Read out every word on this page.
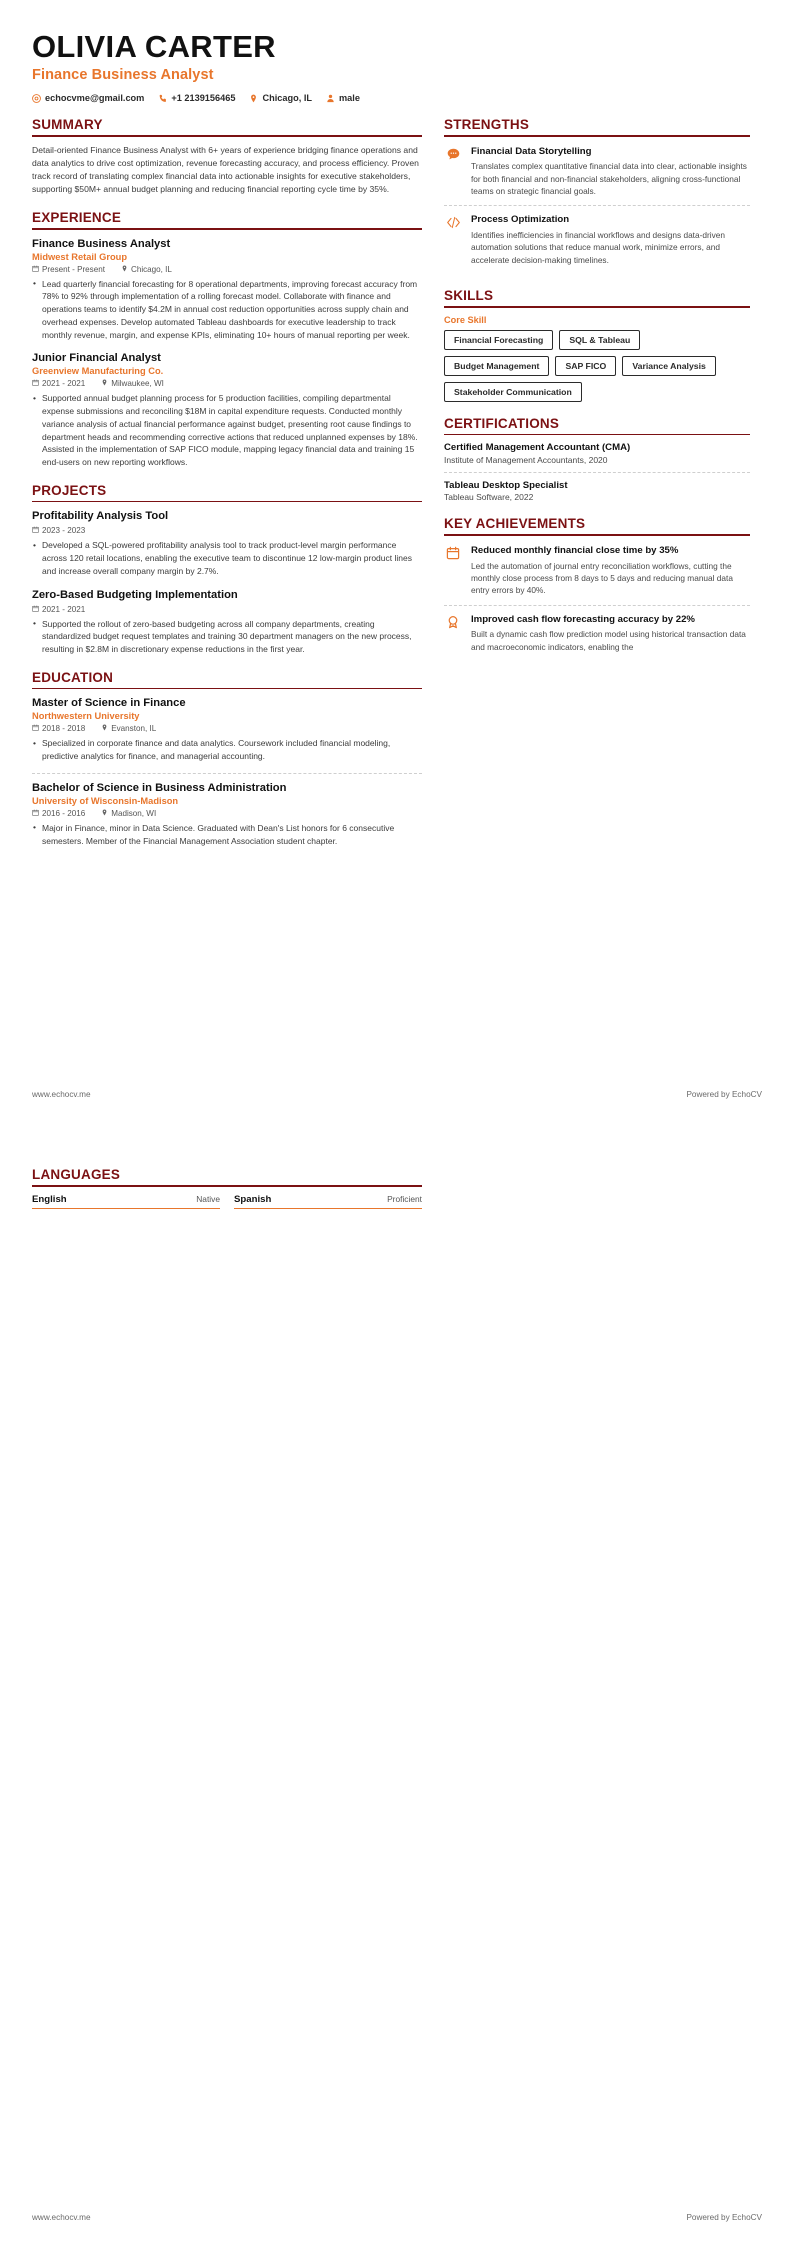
OLIVIA CARTER
Finance Business Analyst
echocvme@gmail.com	+1 2139156465	Chicago, IL	male
SUMMARY
Detail-oriented Finance Business Analyst with 6+ years of experience bridging finance operations and data analytics to drive cost optimization, revenue forecasting accuracy, and process efficiency. Proven track record of translating complex financial data into actionable insights for executive stakeholders, supporting $50M+ annual budget planning and reducing financial reporting cycle time by 35%.
EXPERIENCE
Finance Business Analyst
Midwest Retail Group
Present - Present	Chicago, IL
• Lead quarterly financial forecasting for 8 operational departments, improving forecast accuracy from 78% to 92% through implementation of a rolling forecast model. Collaborate with finance and operations teams to identify $4.2M in annual cost reduction opportunities across supply chain and overhead expenses. Develop automated Tableau dashboards for executive leadership to track monthly revenue, margin, and expense KPIs, eliminating 10+ hours of manual reporting per week.
Junior Financial Analyst
Greenview Manufacturing Co.
2021 - 2021	Milwaukee, WI
• Supported annual budget planning process for 5 production facilities, compiling departmental expense submissions and reconciling $18M in capital expenditure requests. Conducted monthly variance analysis of actual financial performance against budget, presenting root cause findings to department heads and recommending corrective actions that reduced unplanned expenses by 18%. Assisted in the implementation of SAP FICO module, mapping legacy financial data and training 15 end-users on new reporting workflows.
PROJECTS
Profitability Analysis Tool
2023 - 2023
• Developed a SQL-powered profitability analysis tool to track product-level margin performance across 120 retail locations, enabling the executive team to discontinue 12 low-margin product lines and increase overall company margin by 2.7%.
Zero-Based Budgeting Implementation
2021 - 2021
• Supported the rollout of zero-based budgeting across all company departments, creating standardized budget request templates and training 30 department managers on the new process, resulting in $2.8M in discretionary expense reductions in the first year.
EDUCATION
Master of Science in Finance
Northwestern University
2018 - 2018	Evanston, IL
• Specialized in corporate finance and data analytics. Coursework included financial modeling, predictive analytics for finance, and managerial accounting.
Bachelor of Science in Business Administration
University of Wisconsin-Madison
2016 - 2016	Madison, WI
• Major in Finance, minor in Data Science. Graduated with Dean's List honors for 6 consecutive semesters. Member of the Financial Management Association student chapter.
STRENGTHS
Financial Data Storytelling
Translates complex quantitative financial data into clear, actionable insights for both financial and non-financial stakeholders, aligning cross-functional teams on strategic financial goals.
Process Optimization
Identifies inefficiencies in financial workflows and designs data-driven automation solutions that reduce manual work, minimize errors, and accelerate decision-making timelines.
SKILLS
Core Skill
Financial Forecasting	SQL & Tableau
Budget Management	SAP FICO	Variance Analysis
Stakeholder Communication
CERTIFICATIONS
Certified Management Accountant (CMA)
Institute of Management Accountants, 2020
Tableau Desktop Specialist
Tableau Software, 2022
KEY ACHIEVEMENTS
Reduced monthly financial close time by 35%
Led the automation of journal entry reconciliation workflows, cutting the monthly close process from 8 days to 5 days and reducing manual data entry errors by 40%.
Improved cash flow forecasting accuracy by 22%
Built a dynamic cash flow prediction model using historical transaction data and macroeconomic indicators, enabling the
www.echocv.me	Powered by EchoCV
LANGUAGES
English	Native Spanish	Proficient
www.echocv.me	Powered by EchoCV
